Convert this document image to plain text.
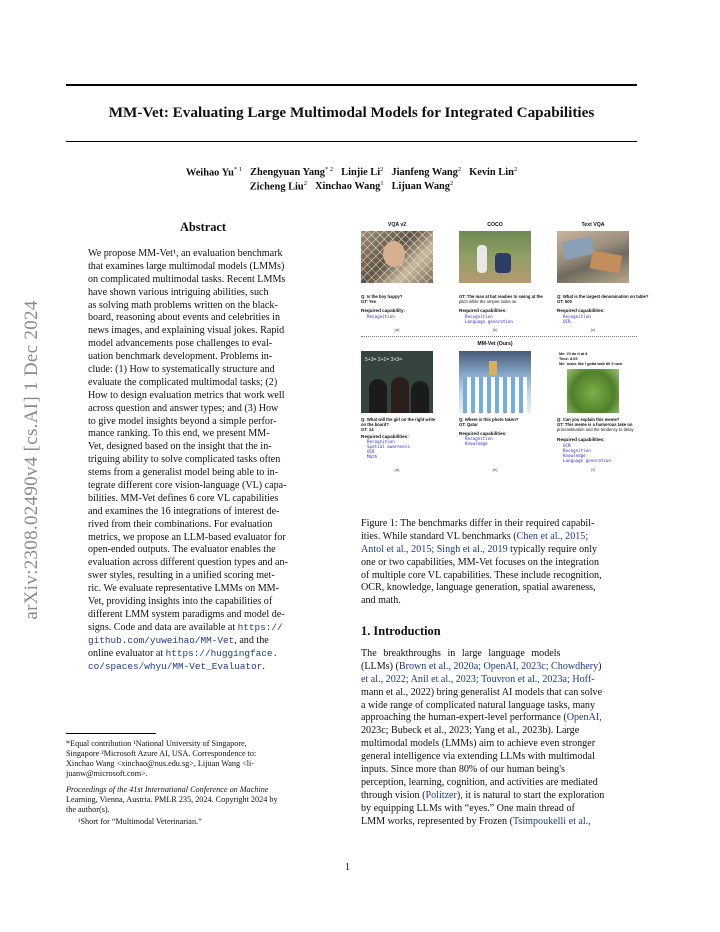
MM-Vet: Evaluating Large Multimodal Models for Integrated Capabilities
Weihao Yu$^{* 1}$ Zhengyuan Yang$^{* 2}$ Linjie Li$^2$ Jianfeng Wang$^2$ Kevin Lin$^2$
Zicheng Liu$^2$ Xinchao Wang$^1$ Lijuan Wang$^2$
arXiv:2308.02490v4 [cs.AI] 1 Dec 2024
Abstract
We propose MM-Vet¹, an evaluation benchmark
that examines large multimodal models (LMMs)
on complicated multimodal tasks. Recent LMMs
have shown various intriguing abilities, such
as solving math problems written on the black-
board, reasoning about events and celebrities in
news images, and explaining visual jokes. Rapid
model advancements pose challenges to eval-
uation benchmark development. Problems in-
clude: (1) How to systematically structure and
evaluate the complicated multimodal tasks; (2)
How to design evaluation metrics that work well
across question and answer types; and (3) How
to give model insights beyond a simple perfor-
mance ranking. To this end, we present MM-
Vet, designed based on the insight that the in-
triguing ability to solve complicated tasks often
stems from a generalist model being able to in-
tegrate different core vision-language (VL) capa-
bilities. MM-Vet defines 6 core VL capabilities
and examines the 16 integrations of interest de-
rived from their combinations. For evaluation
metrics, we propose an LLM-based evaluator for
open-ended outputs. The evaluator enables the
evaluation across different question types and an-
swer styles, resulting in a unified scoring met-
ric. We evaluate representative LMMs on MM-
Vet, providing insights into the capabilities of
different LMM system paradigms and model de-
signs. Code and data are available at https://
github.com/yuweihao/MM-Vet, and the
online evaluator at https://huggingface.
co/spaces/whyu/MM-Vet_Evaluator.
*Equal contribution ¹National University of Singapore,
Singapore ²Microsoft Azure AI, USA. Correspondence to:
Xinchao Wang <xinchao@nus.edu.sg>, Lijuan Wang <li-
juanw@microsoft.com>.
Proceedings of the 41st International Conference on Machine
Learning, Vienna, Austria. PMLR 235, 2024. Copyright 2024 by
the author(s).
¹Short for “Multimodal Veterinarian.”
VQA v2	COCO	Text VQA
Q: Is the boy happy?
GT: Yes
Required capability:
Recognition
(a)
GT: The man at bat readies to swing at the
pitch while the umpire looks on.
Required capabilities:
Recognition
Language generation
(b)
Q: What is the largest denomination on table?
GT: 500
Required capabilities:
Recognition
OCR
(c)
MM-Vet (Ours)
5+3= 2+1= 3×3=
Me: I'll do it at 8
Time: 8.05
Me: looks like I gotta wait till 9 now
Q: What will the girl on the right write
on the board?
GT: 14
Required capabilities:
Recognition
Spatial awareness
OCR
Math
(d)
Q: Where is this photo taken?
GT: Qatar
Required capabilities:
Recognition
Knowledge
(e)
Q: Can you explain this meme?
GT: This meme is a humorous take on
procrastination and the tendency to delay
Required capabilities:
OCR
Recognition
Knowledge
Language generation
(f)
Figure 1: The benchmarks differ in their required capabil-
ities. While standard VL benchmarks (Chen et al., 2015;
Antol et al., 2015; Singh et al., 2019 typically require only
one or two capabilities, MM-Vet focuses on the integration
of multiple core VL capabilities. These include recognition,
OCR, knowledge, language generation, spatial awareness,
and math.
1. Introduction
The breakthroughs in large language models
(LLMs) (Brown et al., 2020a; OpenAI, 2023c; Chowdhery)
et al., 2022; Anil et al., 2023; Touvron et al., 2023a; Hoff-
mann et al., 2022) bring generalist AI models that can solve
a wide range of complicated natural language tasks, many
approaching the human-expert-level performance (OpenAI,
2023c; Bubeck et al., 2023; Yang et al., 2023b). Large
multimodal models (LMMs) aim to achieve even stronger
general intelligence via extending LLMs with multimodal
inputs. Since more than 80% of our human being's
perception, learning, cognition, and activities are mediated
through vision (Politzer), it is natural to start the exploration
by equipping LLMs with “eyes.” One main thread of
LMM works, represented by Frozen (Tsimpoukelli et al.,
1
